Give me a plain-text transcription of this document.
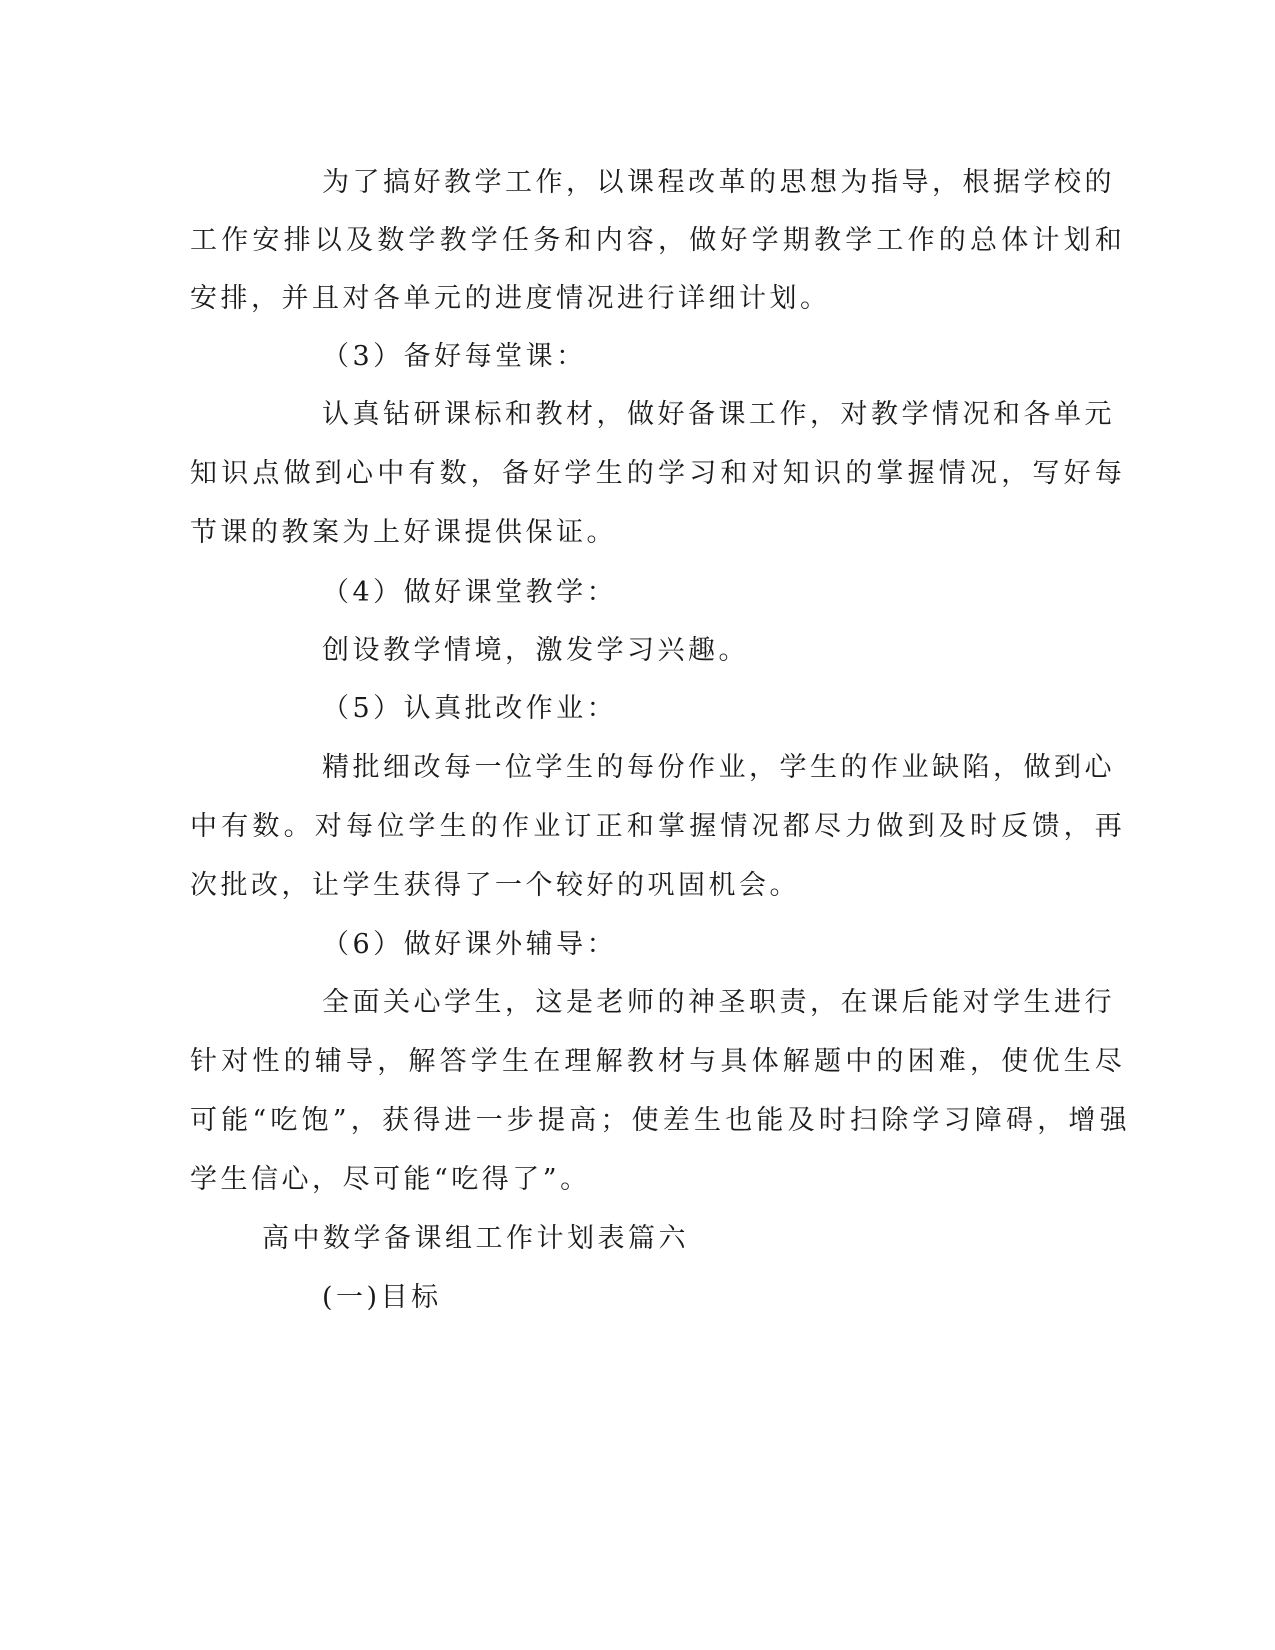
为了搞好教学工作，以课程改革的思想为指导，根据学校的
工作安排以及数学教学任务和内容，做好学期教学工作的总体计划和
安排，并且对各单元的进度情况进行详细计划。
（3）备好每堂课：
认真钻研课标和教材，做好备课工作，对教学情况和各单元
知识点做到心中有数，备好学生的学习和对知识的掌握情况，写好每
节课的教案为上好课提供保证。
（4）做好课堂教学：
创设教学情境，激发学习兴趣。
（5）认真批改作业：
精批细改每一位学生的每份作业，学生的作业缺陷，做到心
中有数。对每位学生的作业订正和掌握情况都尽力做到及时反馈，再
次批改，让学生获得了一个较好的巩固机会。
（6）做好课外辅导：
全面关心学生，这是老师的神圣职责，在课后能对学生进行
针对性的辅导，解答学生在理解教材与具体解题中的困难，使优生尽
可能“吃饱”，获得进一步提高；使差生也能及时扫除学习障碍，增强
学生信心，尽可能“吃得了”。
高中数学备课组工作计划表篇六
(一)目标
